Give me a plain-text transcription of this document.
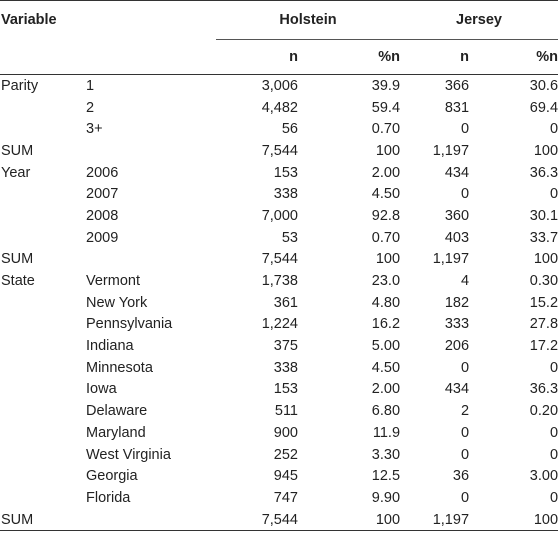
Variable		Holstein		Jersey	
		n	%n	n	%n
Parity	1	3,006	39.9	366	30.6
	2	4,482	59.4	831	69.4
	3+	56	0.70	0	0
SUM		7,544	100	1,197	100
Year	2006	153	2.00	434	36.3
	2007	338	4.50	0	0
	2008	7,000	92.8	360	30.1
	2009	53	0.70	403	33.7
SUM		7,544	100	1,197	100
State	Vermont	1,738	23.0	4	0.30
	New York	361	4.80	182	15.2
	Pennsylvania	1,224	16.2	333	27.8
	Indiana	375	5.00	206	17.2
	Minnesota	338	4.50	0	0
	Iowa	153	2.00	434	36.3
	Delaware	511	6.80	2	0.20
	Maryland	900	11.9	0	0
	West Virginia	252	3.30	0	0
	Georgia	945	12.5	36	3.00
	Florida	747	9.90	0	0
SUM		7,544	100	1,197	100
